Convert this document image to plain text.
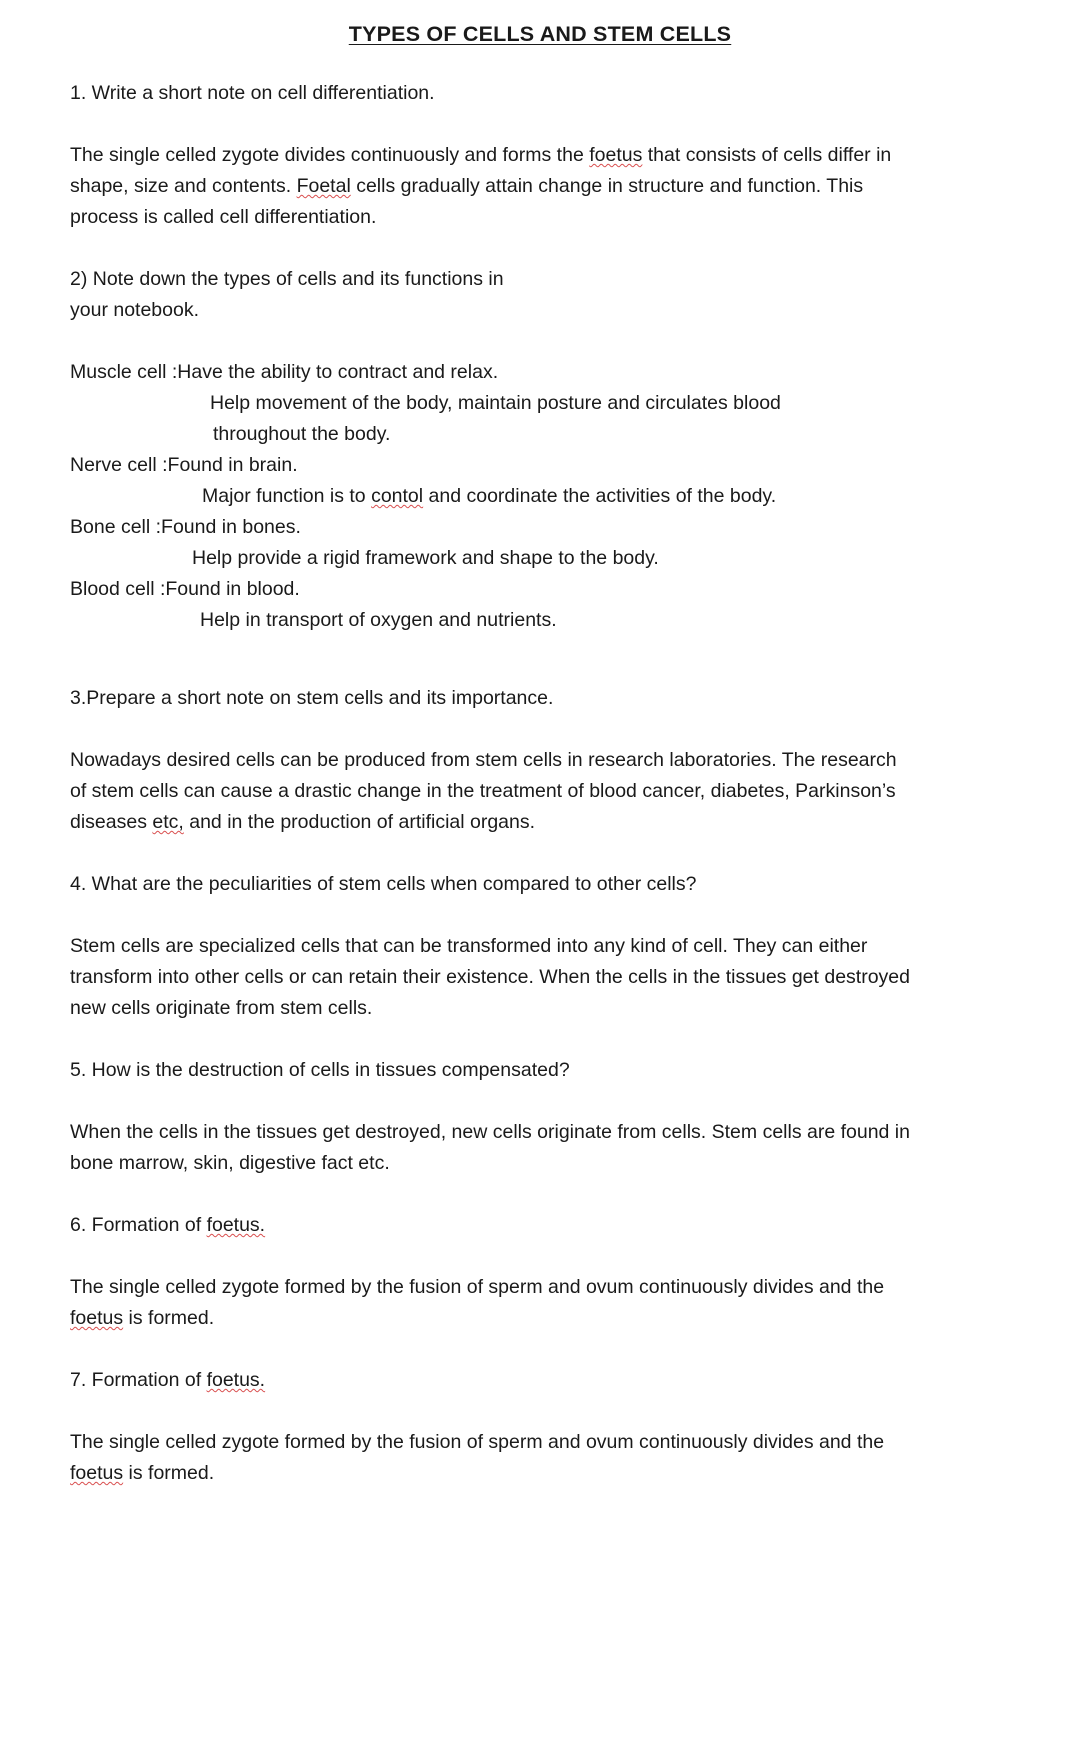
TYPES OF CELLS AND STEM CELLS

1. Write a short note on cell differentiation.

The single celled zygote divides continuously and forms the foetus that consists of cells differ in shape, size and contents. Foetal cells gradually attain change in structure and function. This process is called cell differentiation.

2) Note down the types of cells and its functions in

your notebook.

Muscle cell :Have the ability to contract and relax.

Help movement of the body, maintain posture and circulates blood

throughout the body.

Nerve cell :Found in brain.

Major function is to contol and coordinate the activities of the body.

Bone cell :Found in bones.

Help provide a rigid framework and shape to the body.

Blood cell :Found in blood.

Help in transport of oxygen and nutrients.

3.Prepare a short note on stem cells and its importance.

Nowadays desired cells can be produced from stem cells in research laboratories. The research of stem cells can cause a drastic change in the treatment of blood cancer, diabetes, Parkinson’s diseases etc, and in the production of artificial organs.

4. What are the peculiarities of stem cells when compared to other cells?

Stem cells are specialized cells that can be transformed into any kind of cell. They can either transform into other cells or can retain their existence. When the cells in the tissues get destroyed new cells originate from stem cells.

5. How is the destruction of cells in tissues compensated?

When the cells in the tissues get destroyed, new cells originate from cells. Stem cells are found in bone marrow, skin, digestive fact etc.

6. Formation of foetus.

The single celled zygote formed by the fusion of sperm and ovum continuously divides and the foetus is formed.

7. Formation of foetus.

The single celled zygote formed by the fusion of sperm and ovum continuously divides and the foetus is formed.
